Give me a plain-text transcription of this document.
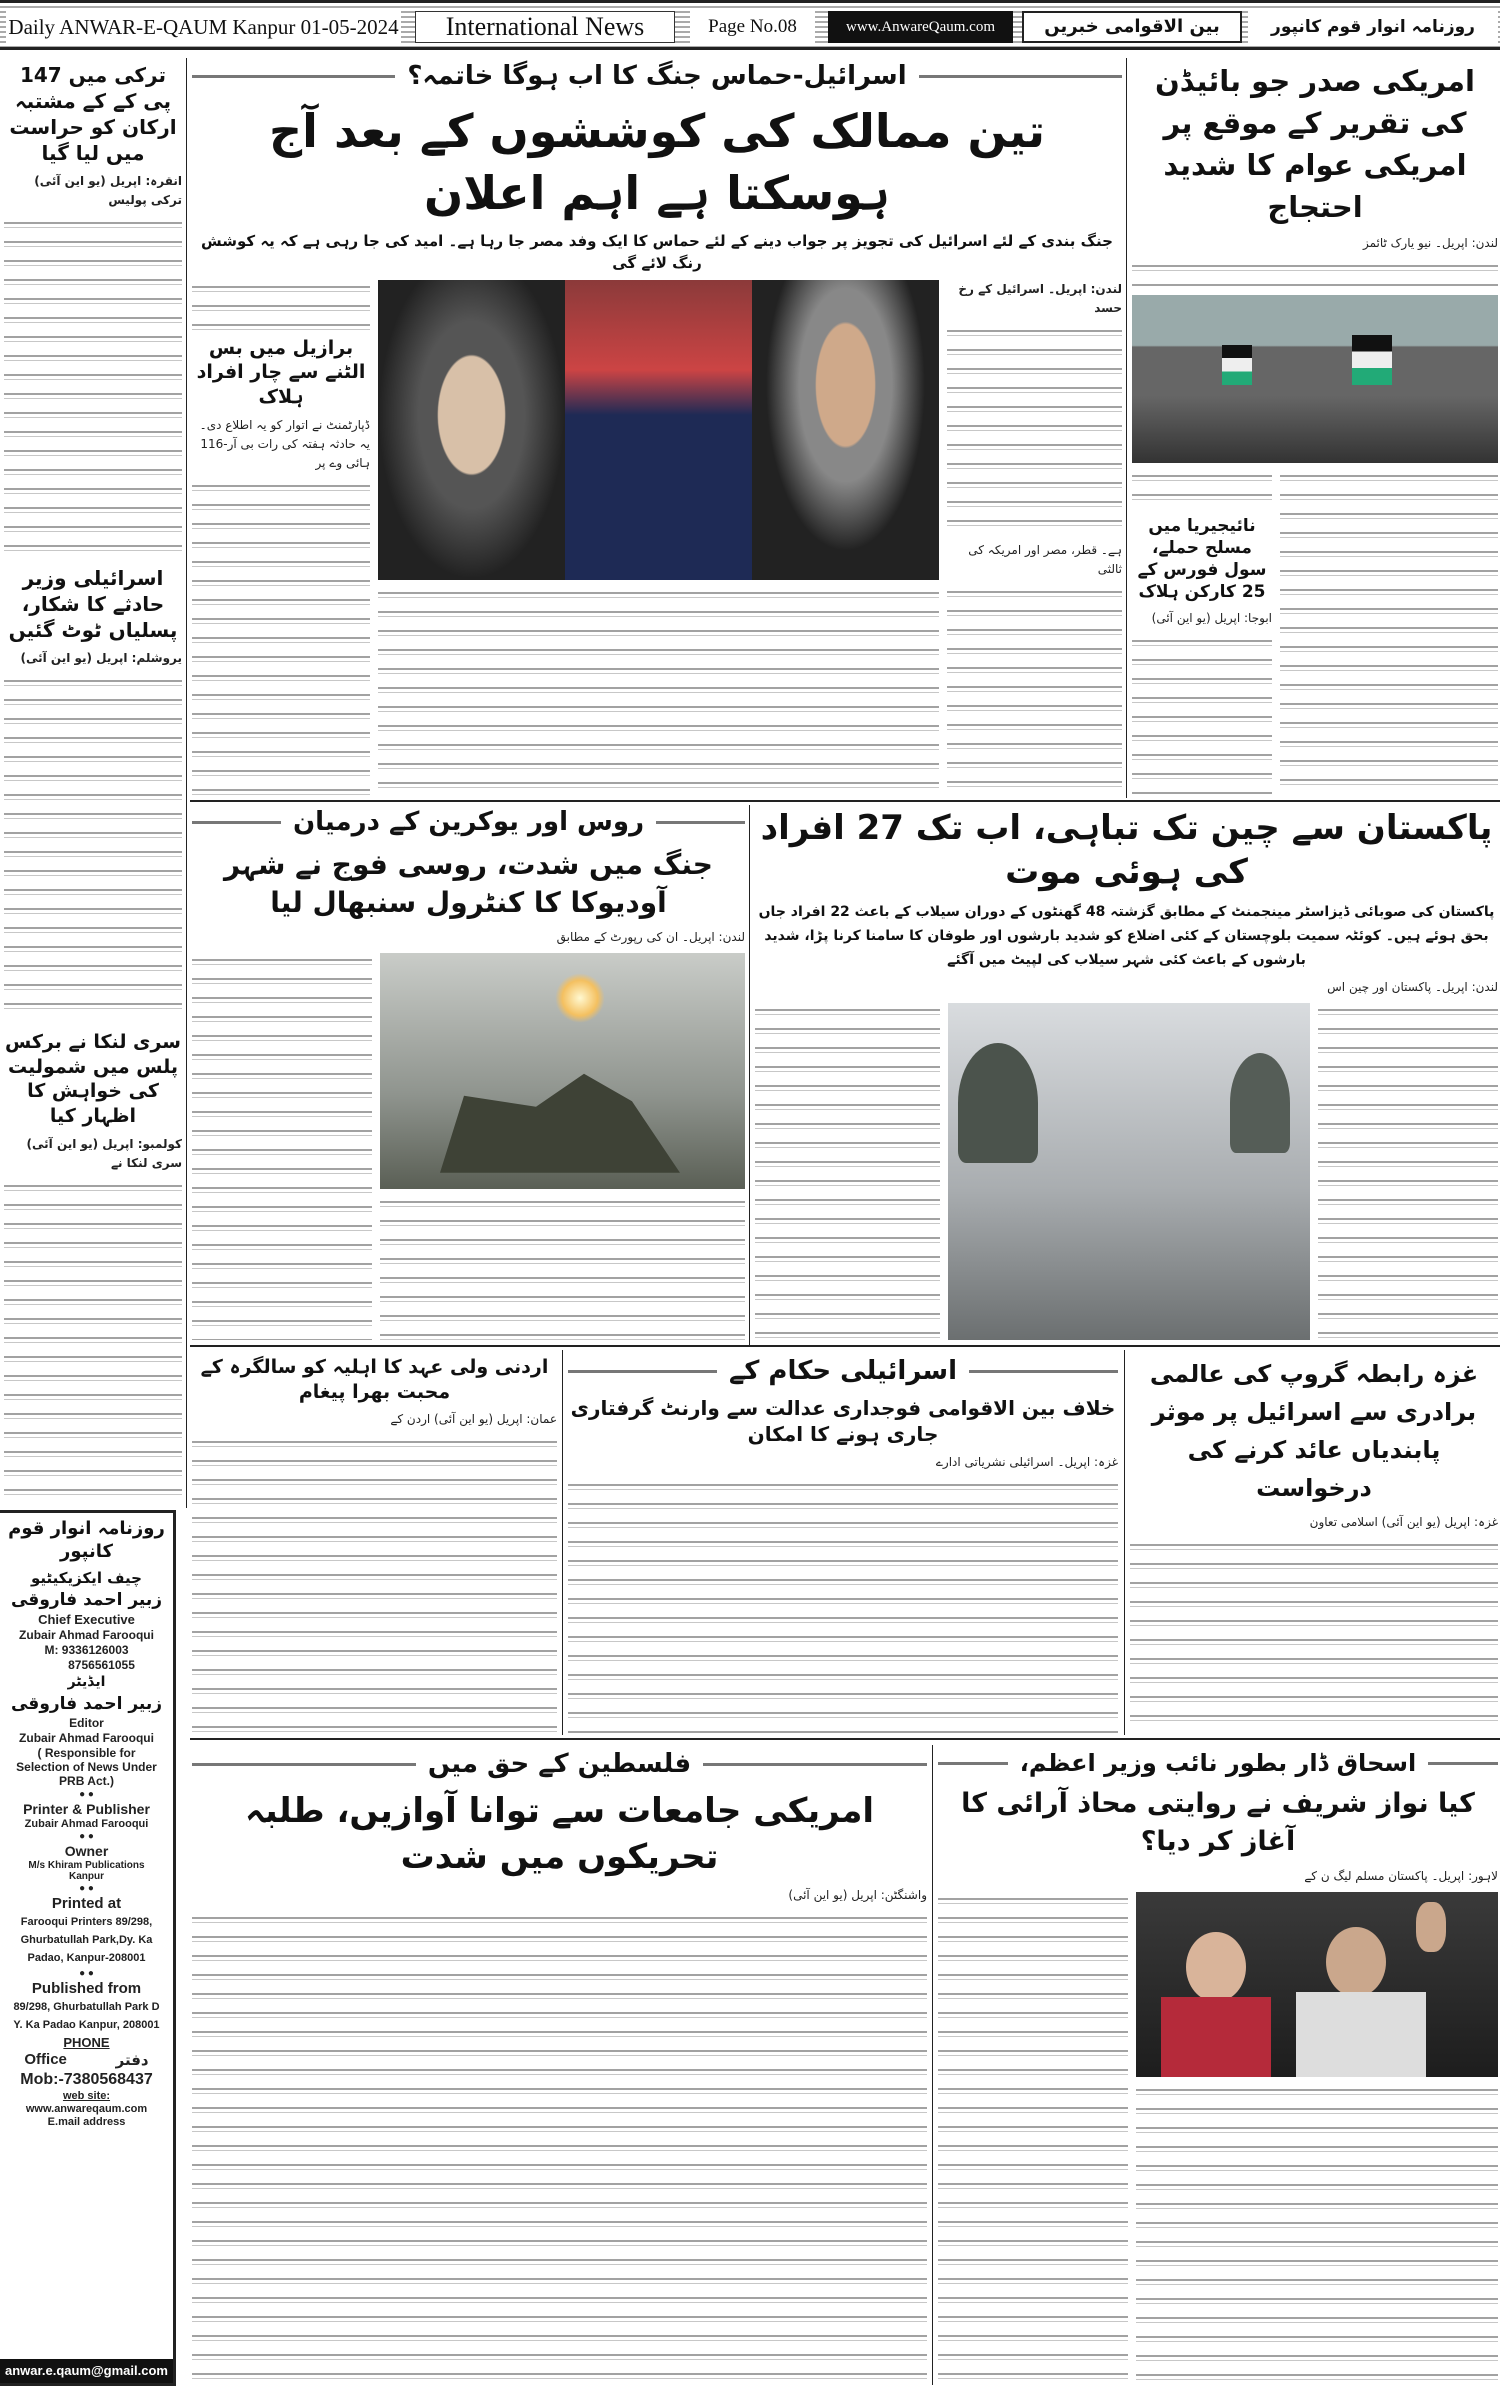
Daily ANWAR-E-QAUM Kanpur 01-05-2024	International News	Page No.08	www.AnwareQaum.com	بین الاقوامی خبریں	روزنامہ انوار قوم کانپور
ترکی میں 147 پی کے کے مشتبہ ارکان کو حراست میں لیا گیا
انقرہ: اپریل (یو این آئی) ترکی پولیس
اسرائیلی وزیر حادثے کا شکار، پسلیاں ٹوٹ گئیں
یروشلم: اپریل (یو این آئی)
سری لنکا نے برکس پلس میں شمولیت کی خواہش کا اظہار کیا
کولمبو: اپریل (یو این آئی) سری لنکا نے
روزنامہ انوار قوم کانپور
چیف ایکزیکیٹیو
زبیر احمد فاروقی
Chief Executive
Zubair Ahmad Farooqui
M: 9336126003
8756561055
ایڈیٹر
زبیر احمد فاروقی
Editor
Zubair Ahmad Farooqui
( Responsible for Selection of News Under PRB Act.)
● ●
Printer & Publisher
Zubair Ahmad Farooqui
● ●
Owner
M/s Khiram Publications Kanpur
● ●
Printed at
Farooqui Printers 89/298, Ghurbatullah Park,Dy. Ka Padao, Kanpur-208001
● ●
Published from
89/298, Ghurbatullah Park D Y. Ka Padao Kanpur, 208001
PHONE
Office	دفتر
Mob:-7380568437
web site:
www.anwareqaum.com
E.mail address
anwar.e.qaum@gmail.com
اسرائیل-حماس جنگ کا اب ہوگا خاتمہ؟
تین ممالک کی کوششوں کے بعد آج ہوسکتا ہے اہم اعلان
جنگ بندی کے لئے اسرائیل کی تجویز پر جواب دینے کے لئے حماس کا ایک وفد مصر جا رہا ہے۔ امید کی جا رہی ہے کہ یہ کوشش رنگ لائے گی
برازیل میں بس الٹنے سے چار افراد ہلاک
ڈپارٹمنٹ نے اتوار کو یہ اطلاع دی۔ یہ حادثہ ہفتہ کی رات بی آر-116 ہائی وے پر
لندن: اپریل۔ اسرائیل کے رخ حسد
ہے۔ قطر، مصر اور امریکہ کی ثالثی
امریکی صدر جو بائیڈن کی تقریر کے موقع پر امریکی عوام کا شدید احتجاج
لندن: اپریل۔ نیو یارک ٹائمز
نائیجیریا میں مسلح حملے، سول فورس کے 25 کارکن ہلاک
ابوجا: اپریل (یو این آئی)
روس اور یوکرین کے درمیان
جنگ میں شدت، روسی فوج نے شہر آودیوکا کا کنٹرول سنبھال لیا
لندن: اپریل۔ ان کی رپورٹ کے مطابق
پاکستان سے چین تک تباہی، اب تک 27 افراد کی ہوئی موت
پاکستان کی صوبائی ڈیزاسٹر مینجمنٹ کے مطابق گزشتہ 48 گھنٹوں کے دوران سیلاب کے باعث 22 افراد جاں بحق ہوئے ہیں۔ کوئٹہ سمیت بلوچستان کے کئی اضلاع کو شدید بارشوں اور طوفان کا سامنا کرنا پڑا، شدید بارشوں کے باعث کئی شہر سیلاب کی لپیٹ میں آگئے
لندن: اپریل۔ پاکستان اور چین اس
اردنی ولی عہد کا اہلیہ کو سالگرہ کے محبت بھرا پیغام
عمان: اپریل (یو این آئی) اردن کے
اسرائیلی حکام کے
خلاف بین الاقوامی فوجداری عدالت سے وارنٹ گرفتاری جاری ہونے کا امکان
غزہ: اپریل۔ اسرائیلی نشریاتی ادارے
غزہ رابطہ گروپ کی عالمی برادری سے اسرائیل پر موثر پابندیاں عائد کرنے کی درخواست
غزہ: اپریل (یو این آئی) اسلامی تعاون
فلسطین کے حق میں
امریکی جامعات سے توانا آوازیں، طلبہ تحریکوں میں شدت
واشنگٹن: اپریل (یو این آئی)
اسحاق ڈار بطور نائب وزیر اعظم،
کیا نواز شریف نے روایتی محاذ آرائی کا آغاز کر دیا؟
لاہور: اپریل۔ پاکستان مسلم لیگ ن کے
